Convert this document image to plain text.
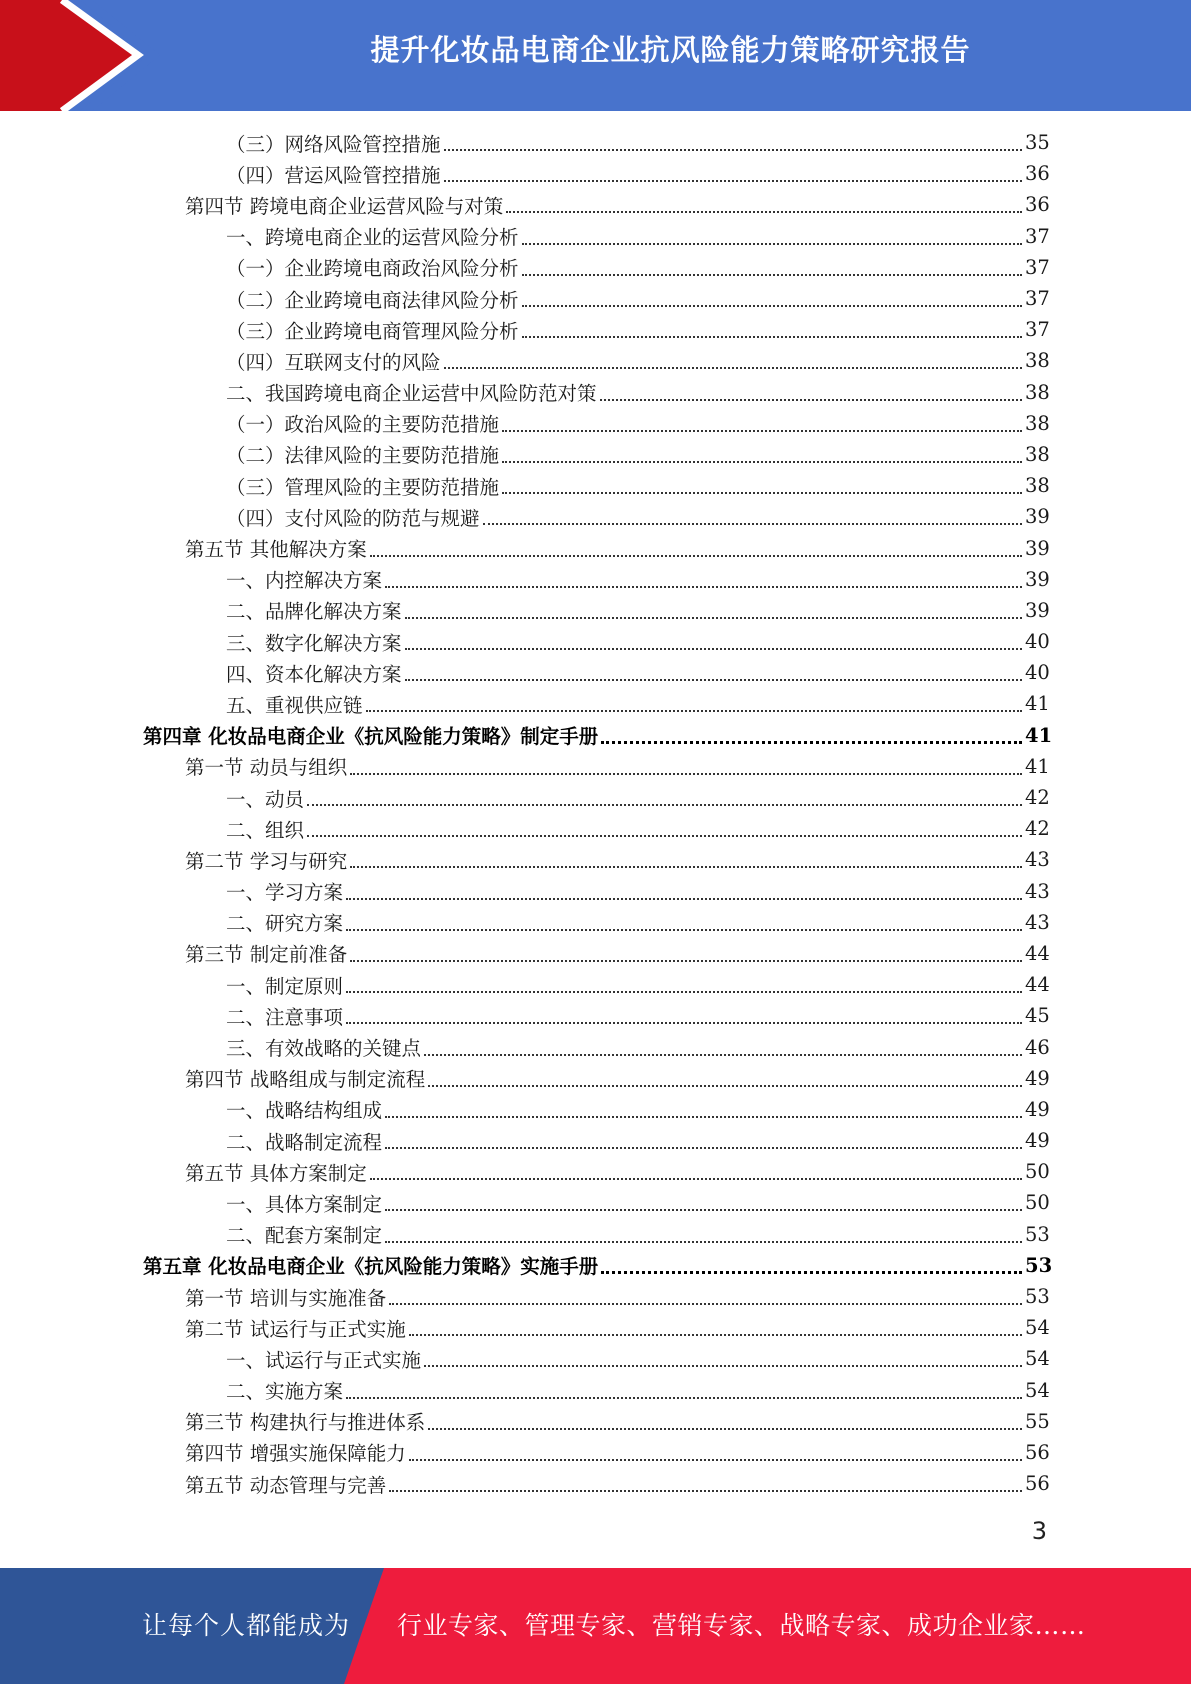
提升化妆品电商企业抗风险能力策略研究报告
（三）网络风险管控措施	35
（四）营运风险管控措施	36
第四节 跨境电商企业运营风险与对策	36
一、跨境电商企业的运营风险分析	37
（一）企业跨境电商政治风险分析	37
（二）企业跨境电商法律风险分析	37
（三）企业跨境电商管理风险分析	37
（四）互联网支付的风险	38
二、我国跨境电商企业运营中风险防范对策	38
（一）政治风险的主要防范措施	38
（二）法律风险的主要防范措施	38
（三）管理风险的主要防范措施	38
（四）支付风险的防范与规避	39
第五节 其他解决方案	39
一、内控解决方案	39
二、品牌化解决方案	39
三、数字化解决方案	40
四、资本化解决方案	40
五、重视供应链	41
第四章 化妆品电商企业《抗风险能力策略》制定手册	41
第一节 动员与组织	41
一、动员	42
二、组织	42
第二节 学习与研究	43
一、学习方案	43
二、研究方案	43
第三节 制定前准备	44
一、制定原则	44
二、注意事项	45
三、有效战略的关键点	46
第四节 战略组成与制定流程	49
一、战略结构组成	49
二、战略制定流程	49
第五节 具体方案制定	50
一、具体方案制定	50
二、配套方案制定	53
第五章 化妆品电商企业《抗风险能力策略》实施手册	53
第一节 培训与实施准备	53
第二节 试运行与正式实施	54
一、试运行与正式实施	54
二、实施方案	54
第三节 构建执行与推进体系	55
第四节 增强实施保障能力	56
第五节 动态管理与完善	56
3
让每个人都能成为 行业专家、管理专家、营销专家、战略专家、成功企业家……
